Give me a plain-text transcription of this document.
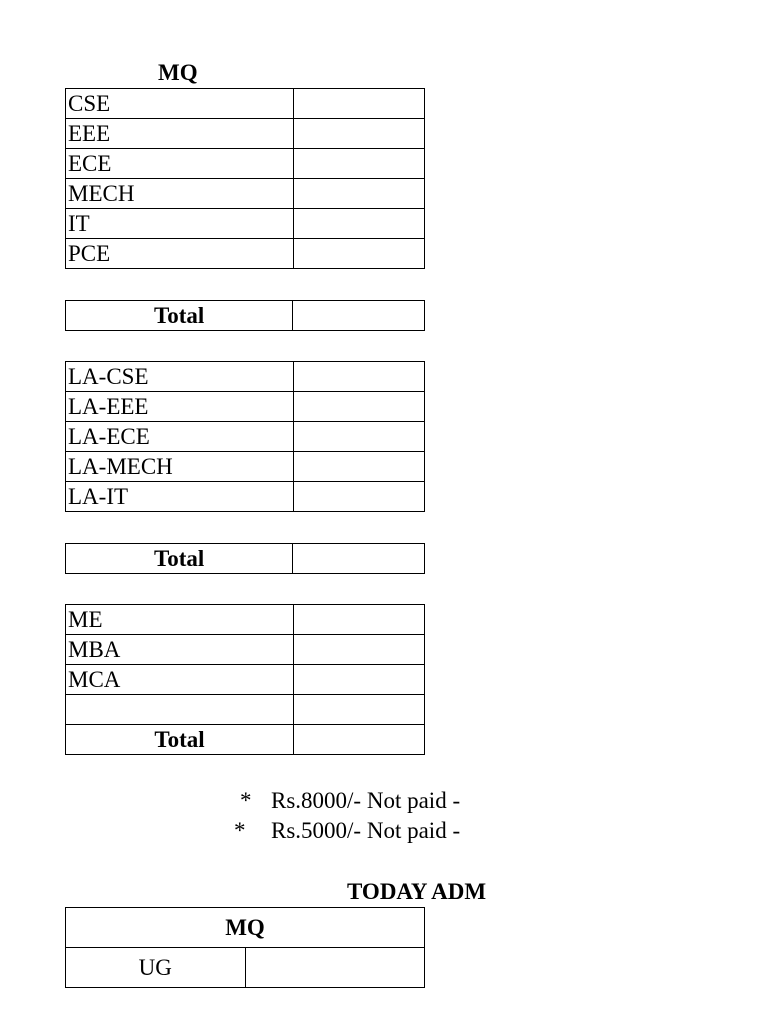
MQ
CSE	
EEE	
ECE	
MECH	
IT	
PCE	
Total	
LA-CSE	
LA-EEE	
LA-ECE	
LA-MECH	
LA-IT	
Total	
ME	
MBA	
MCA	

Total	
* Rs.8000/- Not paid -
* Rs.5000/- Not paid -
TODAY ADM
MQ
UG	
